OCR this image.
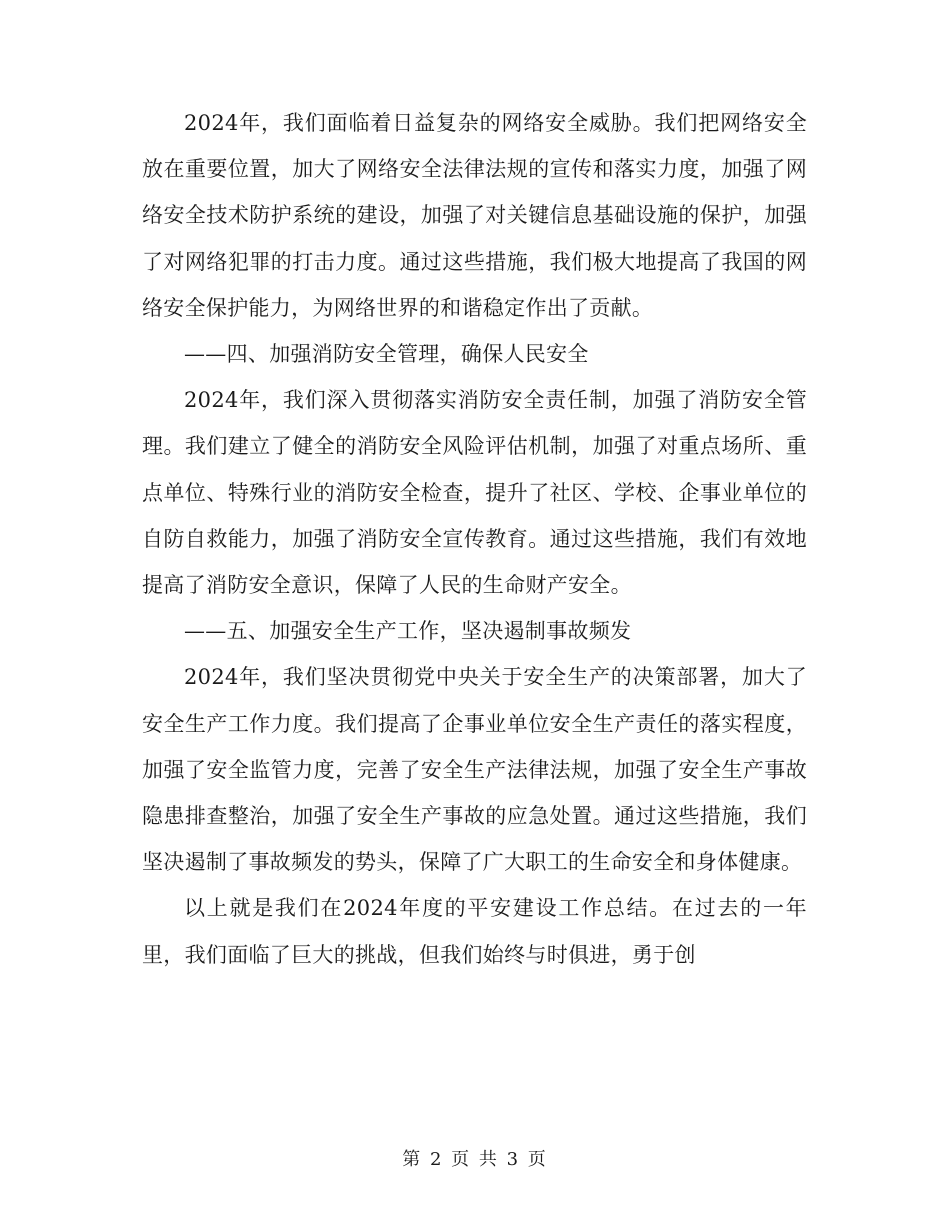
2024年，我们面临着日益复杂的网络安全威胁。我们把网络安全放在重要位置，加大了网络安全法律法规的宣传和落实力度，加强了网络安全技术防护系统的建设，加强了对关键信息基础设施的保护，加强了对网络犯罪的打击力度。通过这些措施，我们极大地提高了我国的网络安全保护能力，为网络世界的和谐稳定作出了贡献。

——四、加强消防安全管理，确保人民安全

2024年，我们深入贯彻落实消防安全责任制，加强了消防安全管理。我们建立了健全的消防安全风险评估机制，加强了对重点场所、重点单位、特殊行业的消防安全检查，提升了社区、学校、企事业单位的自防自救能力，加强了消防安全宣传教育。通过这些措施，我们有效地提高了消防安全意识，保障了人民的生命财产安全。

——五、加强安全生产工作，坚决遏制事故频发

2024年，我们坚决贯彻党中央关于安全生产的决策部署，加大了安全生产工作力度。我们提高了企事业单位安全生产责任的落实程度，加强了安全监管力度，完善了安全生产法律法规，加强了安全生产事故隐患排查整治，加强了安全生产事故的应急处置。通过这些措施，我们坚决遏制了事故频发的势头，保障了广大职工的生命安全和身体健康。

以上就是我们在2024年度的平安建设工作总结。在过去的一年里，我们面临了巨大的挑战，但我们始终与时俱进，勇于创

第 2 页 共 3 页
